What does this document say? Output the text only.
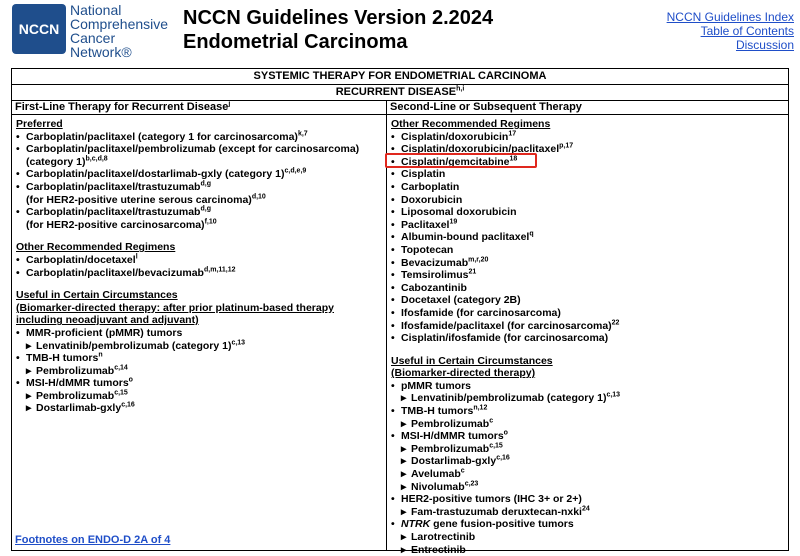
NCCN
National
Comprehensive
Cancer
Network®
NCCN Guidelines Version 2.2024
Endometrial Carcinoma
NCCN Guidelines Index
Table of Contents
Discussion
SYSTEMIC THERAPY FOR ENDOMETRIAL CARCINOMA
RECURRENT DISEASE$^{h,i}$
First-Line Therapy for Recurrent Disease$^j$	Second-Line or Subsequent Therapy
Preferred
• Carboplatin/paclitaxel (category 1 for carcinosarcoma)$^{k,7}$
• Carboplatin/paclitaxel/pembrolizumab (except for carcinosarcoma)
(category 1)$^{b,c,d,8}$
• Carboplatin/paclitaxel/dostarlimab-gxly (category 1)$^{c,d,e,9}$
• Carboplatin/paclitaxel/trastuzumab$^{d,g}$
(for HER2-positive uterine serous carcinoma)$^{d,10}$
• Carboplatin/paclitaxel/trastuzumab$^{d,g}$
(for HER2-positive carcinosarcoma)$^{f,10}$
Other Recommended Regimens
• Carboplatin/docetaxel$^l$
• Carboplatin/paclitaxel/bevacizumab$^{d,m,11,12}$
Useful in Certain Circumstances
(Biomarker-directed therapy: after prior platinum-based therapy
including neoadjuvant and adjuvant)
• MMR-proficient (pMMR) tumors
▸ Lenvatinib/pembrolizumab (category 1)$^{c,13}$
• TMB-H tumors$^n$
▸ Pembrolizumab$^{c,14}$
• MSI-H/dMMR tumors$^o$
▸ Pembrolizumab$^{c,15}$
▸ Dostarlimab-gxly$^{c,16}$
Footnotes on ENDO-D 2A of 4
Other Recommended Regimens
• Cisplatin/doxorubicin$^{17}$
• Cisplatin/doxorubicin/paclitaxel$^{p,17}$
• Cisplatin/gemcitabine$^{18}$
• Cisplatin
• Carboplatin
• Doxorubicin
• Liposomal doxorubicin
• Paclitaxel$^{19}$
• Albumin-bound paclitaxel$^q$
• Topotecan
• Bevacizumab$^{m,r,20}$
• Temsirolimus$^{21}$
• Cabozantinib
• Docetaxel (category 2B)
• Ifosfamide (for carcinosarcoma)
• Ifosfamide/paclitaxel (for carcinosarcoma)$^{22}$
• Cisplatin/ifosfamide (for carcinosarcoma)
Useful in Certain Circumstances
(Biomarker-directed therapy)
• pMMR tumors
▸ Lenvatinib/pembrolizumab (category 1)$^{c,13}$
• TMB-H tumors$^{n,12}$
▸ Pembrolizumab$^c$
• MSI-H/dMMR tumors$^o$
▸ Pembrolizumab$^{c,15}$
▸ Dostarlimab-gxly$^{c,16}$
▸ Avelumab$^c$
▸ Nivolumab$^{c,23}$
• HER2-positive tumors (IHC 3+ or 2+)
▸ Fam-trastuzumab deruxtecan-nxki$^{24}$
• NTRK gene fusion-positive tumors
▸ Larotrectinib
▸ Entrectinib
